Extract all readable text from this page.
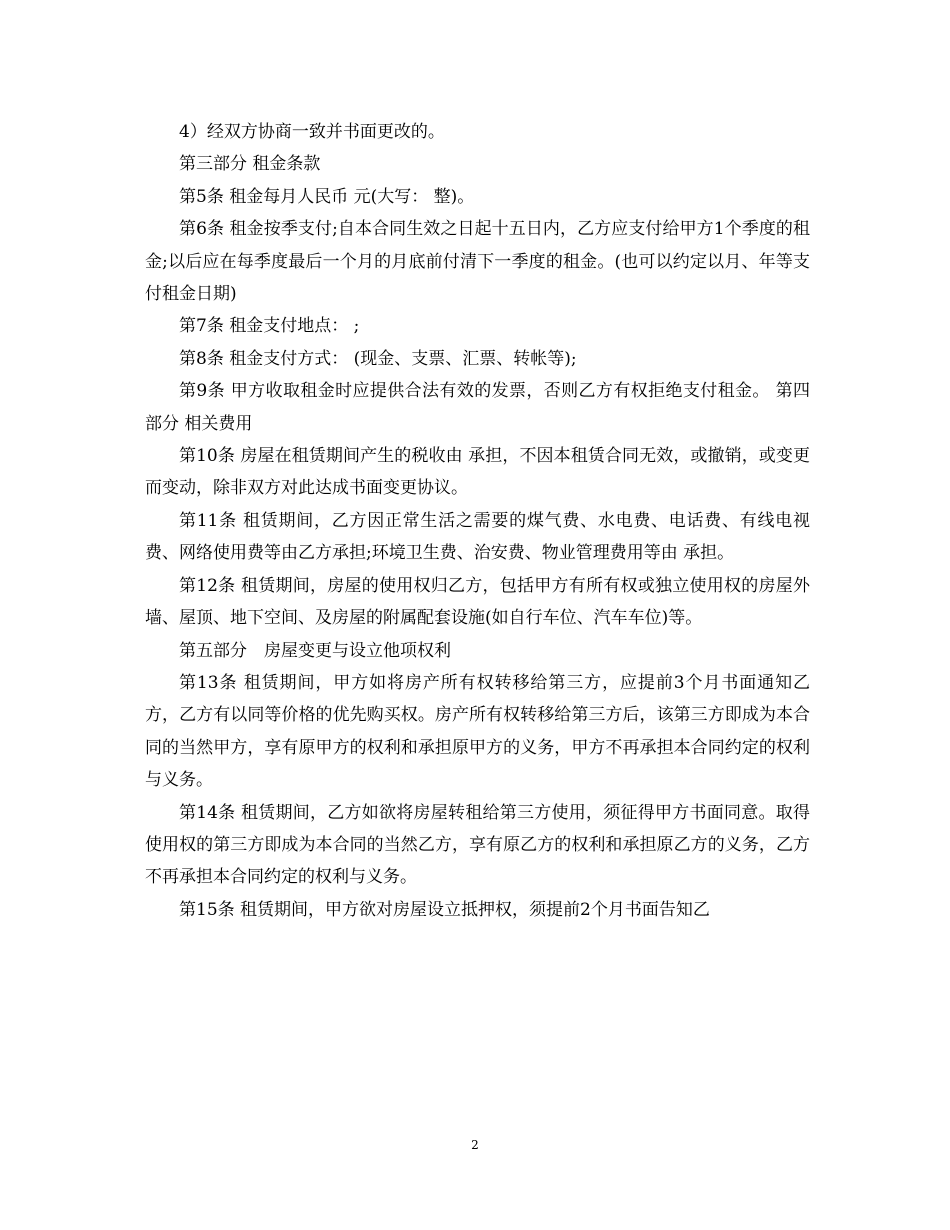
4）经双方协商一致并书面更改的。

第三部分 租金条款

第5条 租金每月人民币 元(大写： 整)。

第6条 租金按季支付;自本合同生效之日起十五日内，乙方应支付给甲方1个季度的租金;以后应在每季度最后一个月的月底前付清下一季度的租金。(也可以约定以月、年等支付租金日期)

第7条 租金支付地点： ;

第8条 租金支付方式： (现金、支票、汇票、转帐等);

第9条 甲方收取租金时应提供合法有效的发票，否则乙方有权拒绝支付租金。 第四部分 相关费用

第10条 房屋在租赁期间产生的税收由 承担，不因本租赁合同无效，或撤销，或变更而变动，除非双方对此达成书面变更协议。

第11条 租赁期间，乙方因正常生活之需要的煤气费、水电费、电话费、有线电视费、网络使用费等由乙方承担;环境卫生费、治安费、物业管理费用等由 承担。

第12条 租赁期间，房屋的使用权归乙方，包括甲方有所有权或独立使用权的房屋外墙、屋顶、地下空间、及房屋的附属配套设施(如自行车位、汽车车位)等。

第五部分　房屋变更与设立他项权利

第13条 租赁期间，甲方如将房产所有权转移给第三方，应提前3个月书面通知乙方，乙方有以同等价格的优先购买权。房产所有权转移给第三方后，该第三方即成为本合同的当然甲方，享有原甲方的权利和承担原甲方的义务，甲方不再承担本合同约定的权利与义务。

第14条 租赁期间，乙方如欲将房屋转租给第三方使用，须征得甲方书面同意。取得使用权的第三方即成为本合同的当然乙方，享有原乙方的权利和承担原乙方的义务，乙方不再承担本合同约定的权利与义务。

第15条 租赁期间，甲方欲对房屋设立抵押权，须提前2个月书面告知乙

2
